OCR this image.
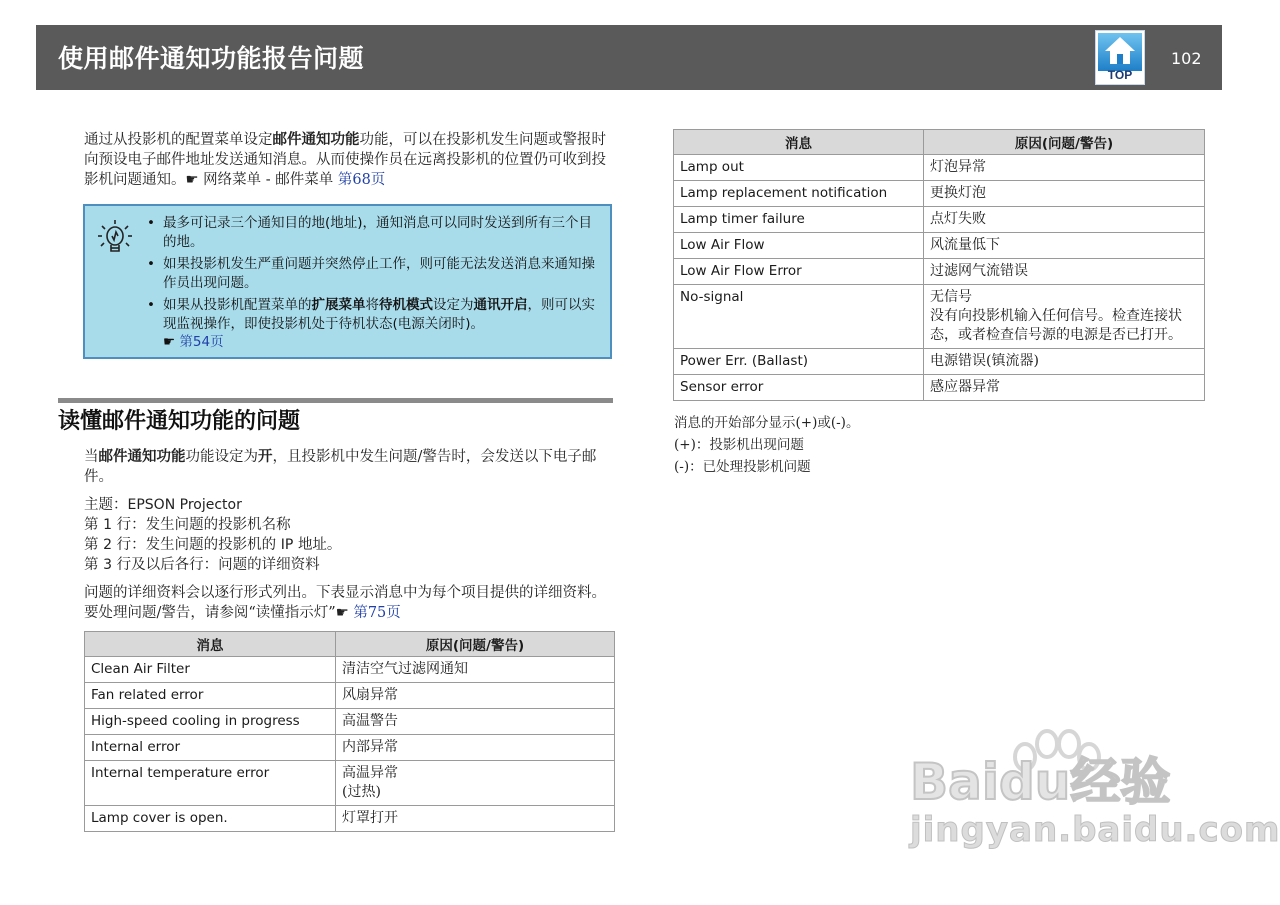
使用邮件通知功能报告问题
TOP
102
通过从投影机的配置菜单设定邮件通知功能功能，可以在投影机发生问题或警报时向预设电子邮件地址发送通知消息。从而使操作员在远离投影机的位置仍可收到投影机问题通知。☛ 网络菜单 - 邮件菜单 第68页
• 最多可记录三个通知目的地(地址)，通知消息可以同时发送到所有三个目的地。
• 如果投影机发生严重问题并突然停止工作，则可能无法发送消息来通知操作员出现问题。
• 如果从投影机配置菜单的扩展菜单将待机模式设定为通讯开启，则可以实现监视操作，即使投影机处于待机状态(电源关闭时)。
☛ 第54页
读懂邮件通知功能的问题
当邮件通知功能功能设定为开，且投影机中发生问题/警告时，会发送以下电子邮件。
主题：EPSON Projector
第 1 行：发生问题的投影机名称
第 2 行：发生问题的投影机的 IP 地址。
第 3 行及以后各行：问题的详细资料
问题的详细资料会以逐行形式列出。下表显示消息中为每个项目提供的详细资料。要处理问题/警告，请参阅“读懂指示灯”☛ 第75页
消息	原因(问题/警告)
Clean Air Filter	清洁空气过滤网通知
Fan related error	风扇异常
High-speed cooling in progress	高温警告
Internal error	内部异常
Internal temperature error	高温异常
(过热)

Lamp cover is open.	灯罩打开
消息	原因(问题/警告)
Lamp out	灯泡异常
Lamp replacement notification	更换灯泡
Lamp timer failure	点灯失败
Low Air Flow	风流量低下
Low Air Flow Error	过滤网气流错误
No-signal	无信号
没有向投影机输入任何信号。检查连接状态，或者检查信号源的电源是否已打开。

Power Err. (Ballast)	电源错误(镇流器)
Sensor error	感应器异常
消息的开始部分显示(+)或(-)。
(+)：投影机出现问题
(-)：已处理投影机问题
Baidu经验
jingyan.baidu.com
